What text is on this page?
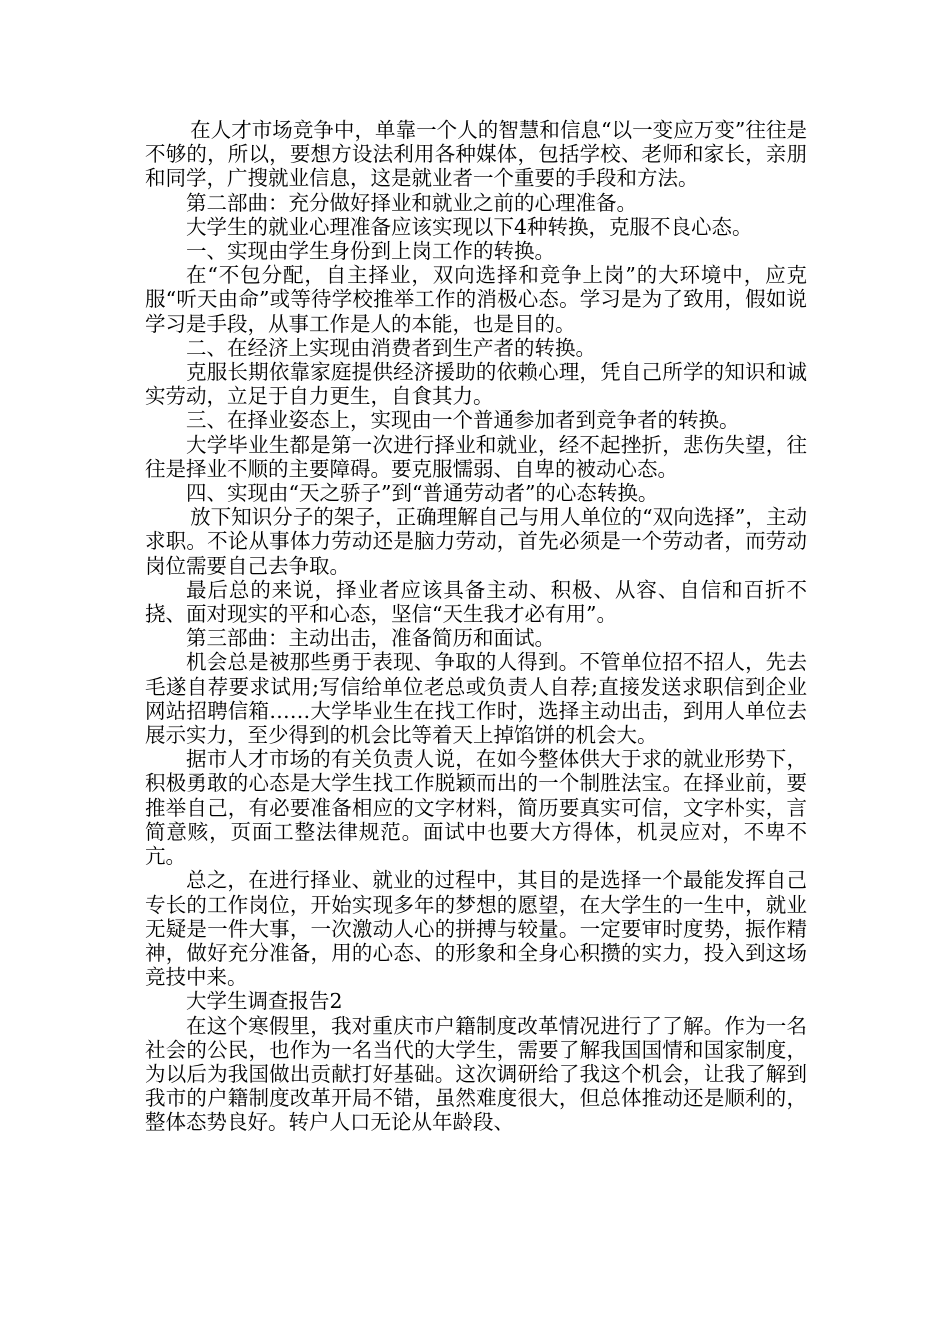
在人才市场竞争中，单靠一个人的智慧和信息“以一变应万变”往往是不够的，所以，要想方设法利用各种媒体，包括学校、老师和家长，亲朋和同学，广搜就业信息，这是就业者一个重要的手段和方法。

第二部曲：充分做好择业和就业之前的心理准备。

大学生的就业心理准备应该实现以下4种转换，克服不良心态。

一、实现由学生身份到上岗工作的转换。

在“不包分配，自主择业，双向选择和竞争上岗”的大环境中，应克服“听天由命”或等待学校推举工作的消极心态。学习是为了致用，假如说学习是手段，从事工作是人的本能，也是目的。

二、在经济上实现由消费者到生产者的转换。

克服长期依靠家庭提供经济援助的依赖心理，凭自己所学的知识和诚实劳动，立足于自力更生，自食其力。

三、在择业姿态上，实现由一个普通参加者到竞争者的转换。

大学毕业生都是第一次进行择业和就业，经不起挫折，悲伤失望，往往是择业不顺的主要障碍。要克服懦弱、自卑的被动心态。

四、实现由“天之骄子”到“普通劳动者”的心态转换。

放下知识分子的架子，正确理解自己与用人单位的“双向选择”，主动求职。不论从事体力劳动还是脑力劳动，首先必须是一个劳动者，而劳动岗位需要自己去争取。

最后总的来说，择业者应该具备主动、积极、从容、自信和百折不挠、面对现实的平和心态，坚信“天生我才必有用”。

第三部曲：主动出击，准备简历和面试。

机会总是被那些勇于表现、争取的人得到。不管单位招不招人，先去毛遂自荐要求试用;写信给单位老总或负责人自荐;直接发送求职信到企业网站招聘信箱……大学毕业生在找工作时，选择主动出击，到用人单位去展示实力，至少得到的机会比等着天上掉馅饼的机会大。

据市人才市场的有关负责人说，在如今整体供大于求的就业形势下，积极勇敢的心态是大学生找工作脱颖而出的一个制胜法宝。在择业前，要推举自己，有必要准备相应的文字材料，简历要真实可信，文字朴实，言简意赅，页面工整法律规范。面试中也要大方得体，机灵应对，不卑不亢。

总之，在进行择业、就业的过程中，其目的是选择一个最能发挥自己专长的工作岗位，开始实现多年的梦想的愿望，在大学生的一生中，就业无疑是一件大事，一次激动人心的拼搏与较量。一定要审时度势，振作精神，做好充分准备，用的心态、的形象和全身心积攒的实力，投入到这场竞技中来。

大学生调查报告2

在这个寒假里，我对重庆市户籍制度改革情况进行了了解。作为一名社会的公民，也作为一名当代的大学生，需要了解我国国情和国家制度，为以后为我国做出贡献打好基础。这次调研给了我这个机会，让我了解到我市的户籍制度改革开局不错，虽然难度很大，但总体推动还是顺利的，整体态势良好。转户人口无论从年龄段、
